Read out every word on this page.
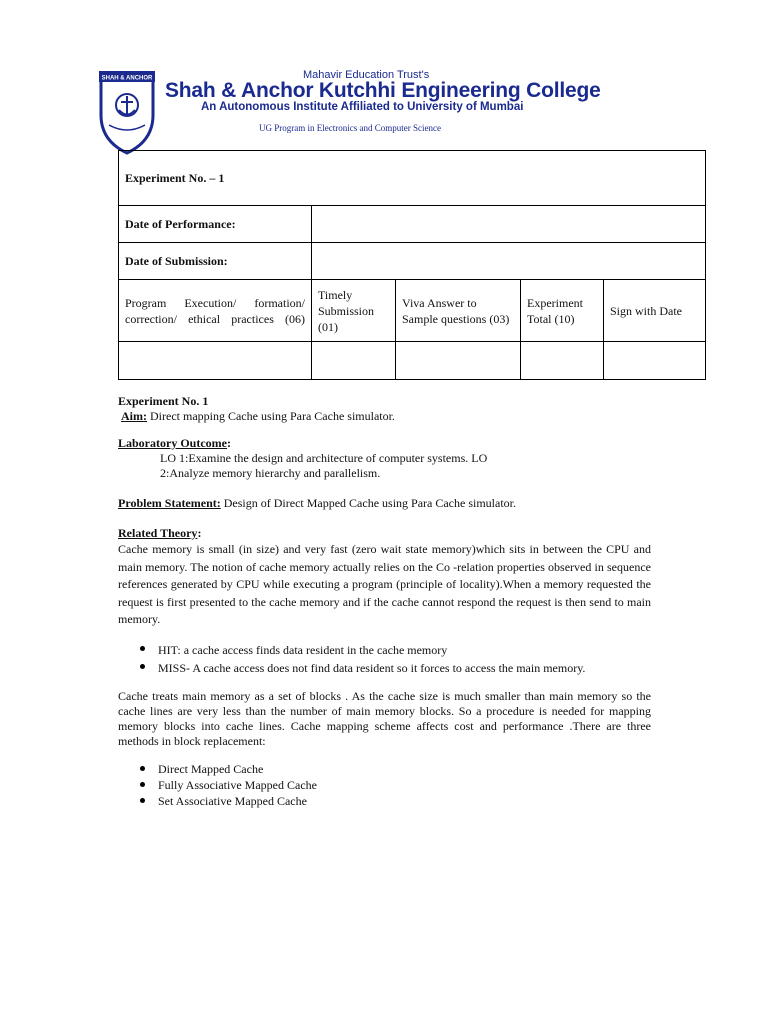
SHAH & ANCHOR	Mahavir Education Trust's
Shah & Anchor Kutchhi Engineering College
An Autonomous Institute Affiliated to University of Mumbai
UG Program in Electronics and Computer Science
Experiment No. – 1				
Date of Performance:				
Date of Submission:				
Program Execution/ formation/ correction/ ethical practices (06)	Timely Submission (01)	Viva Answer to Sample questions (03)	Experiment Total (10)	Sign with Date

Experiment No. 1

Aim: Direct mapping Cache using Para Cache simulator.

Laboratory Outcome:

LO 1:Examine the design and architecture of computer systems. LO

2:Analyze memory hierarchy and parallelism.

Problem Statement: Design of Direct Mapped Cache using Para Cache simulator.

Related Theory:

Cache memory is small (in size) and very fast (zero wait state memory)which sits in between the CPU and main memory. The notion of cache memory actually relies on the Co -relation properties observed in sequence references generated by CPU while executing a program (principle of locality).When a memory requested the request is first presented to the cache memory and if the cache cannot respond the request is then send to main memory.

HIT: a cache access finds data resident in the cache memory
MISS- A cache access does not find data resident so it forces to access the main memory.

Cache treats main memory as a set of blocks . As the cache size is much smaller than main memory so the cache lines are very less than the number of main memory blocks. So a procedure is needed for mapping memory blocks into cache lines. Cache mapping scheme affects cost and performance .There are three methods in block replacement:

Direct Mapped Cache
Fully Associative Mapped Cache
Set Associative Mapped Cache
